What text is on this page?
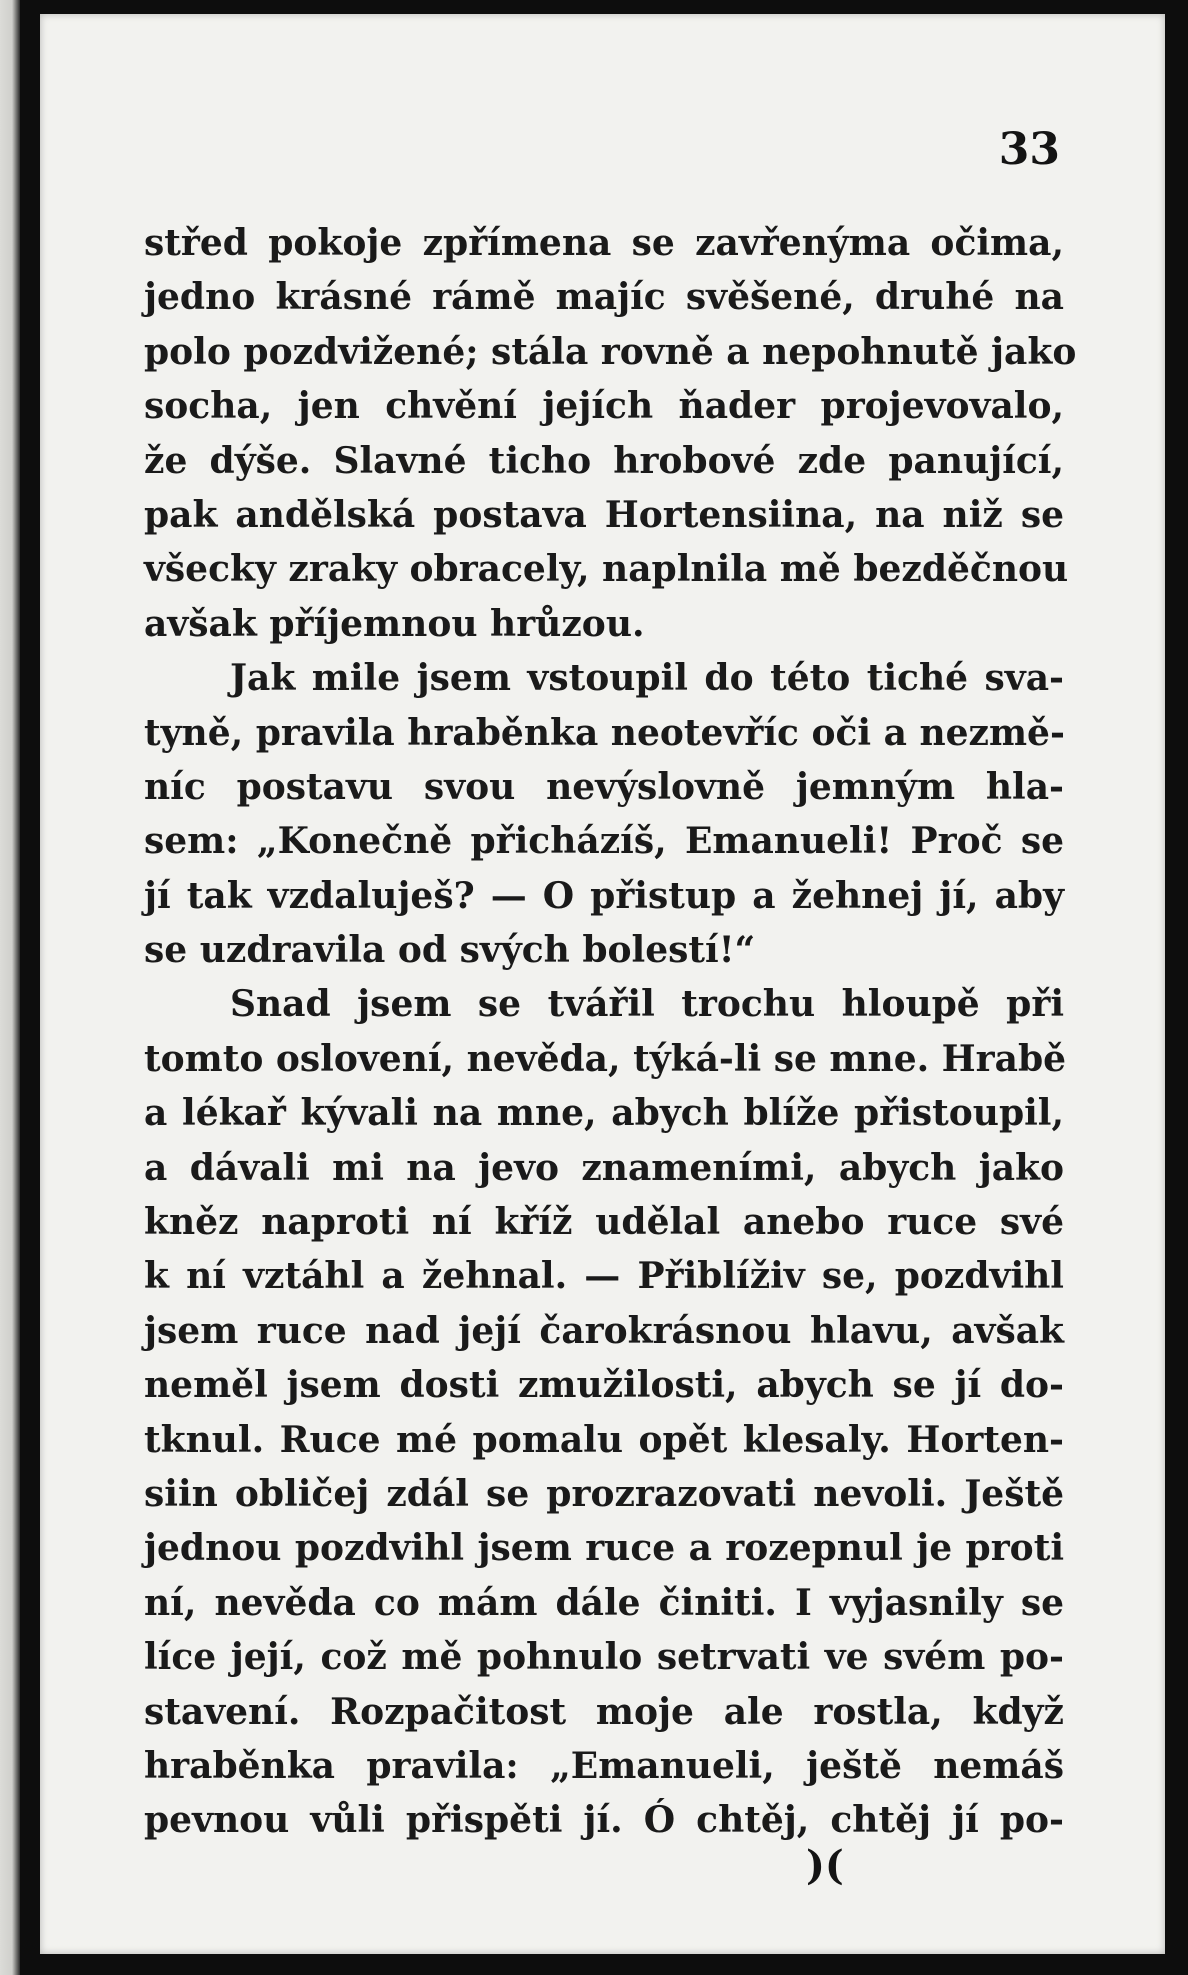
33
střed pokoje zpřímena se zavřenýma očima,
jedno krásné rámě majíc svěšené, druhé na
polo pozdvižené; stála rovně a nepohnutě jako
socha, jen chvění jejích ňader projevovalo,
že dýše. Slavné ticho hrobové zde panující,
pak andělská postava Hortensiina, na niž se
všecky zraky obracely, naplnila mě bezděčnou
avšak příjemnou hrůzou.
Jak mile jsem vstoupil do této tiché sva-
tyně, pravila hraběnka neotevříc oči a nezmě-
níc postavu svou nevýslovně jemným hla-
sem: „Konečně přicházíš, Emanueli! Proč se
jí tak vzdaluješ? — O přistup a žehnej jí, aby
se uzdravila od svých bolestí!“
Snad jsem se tvářil trochu hloupě při
tomto oslovení, nevěda, týká-li se mne. Hrabě
a lékař kývali na mne, abych blíže přistoupil,
a dávali mi na jevo znameními, abych jako
kněz naproti ní kříž udělal anebo ruce své
k ní vztáhl a žehnal. — Přiblíživ se, pozdvihl
jsem ruce nad její čarokrásnou hlavu, avšak
neměl jsem dosti zmužilosti, abych se jí do-
tknul. Ruce mé pomalu opět klesaly. Horten-
siin obličej zdál se prozrazovati nevoli. Ještě
jednou pozdvihl jsem ruce a rozepnul je proti
ní, nevěda co mám dále činiti. I vyjasnily se
líce její, což mě pohnulo setrvati ve svém po-
stavení. Rozpačitost moje ale rostla, když
hraběnka pravila: „Emanueli, ještě nemáš
pevnou vůli přispěti jí. Ó chtěj, chtěj jí po-
)(
